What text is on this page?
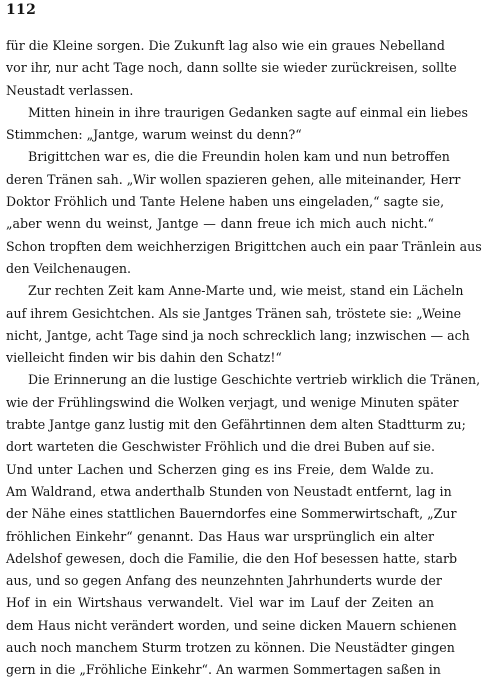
112
für die Kleine sorgen. Die Zukunft lag also wie ein graues Nebelland
vor ihr, nur acht Tage noch, dann sollte sie wieder zurückreisen, sollte
Neustadt verlassen.
Mitten hinein in ihre traurigen Gedanken sagte auf einmal ein liebes
Stimmchen: „Jantge, warum weinst du denn?“
Brigittchen war es, die die Freundin holen kam und nun betroffen
deren Tränen sah. „Wir wollen spazieren gehen, alle miteinander, Herr
Doktor Fröhlich und Tante Helene haben uns eingeladen,“ sagte sie,
„aber wenn du weinst, Jantge — dann freue ich mich auch nicht.“
Schon tropften dem weichherzigen Brigittchen auch ein paar Tränlein aus
den Veilchenaugen.
Zur rechten Zeit kam Anne-Marte und, wie meist, stand ein Lächeln
auf ihrem Gesichtchen. Als sie Jantges Tränen sah, tröstete sie: „Weine
nicht, Jantge, acht Tage sind ja noch schrecklich lang; inzwischen — ach
vielleicht finden wir bis dahin den Schatz!“
Die Erinnerung an die lustige Geschichte vertrieb wirklich die Tränen,
wie der Frühlingswind die Wolken verjagt, und wenige Minuten später
trabte Jantge ganz lustig mit den Gefährtinnen dem alten Stadtturm zu;
dort warteten die Geschwister Fröhlich und die drei Buben auf sie.
Und unter Lachen und Scherzen ging es ins Freie, dem Walde zu.
Am Waldrand, etwa anderthalb Stunden von Neustadt entfernt, lag in
der Nähe eines stattlichen Bauerndorfes eine Sommerwirtschaft, „Zur
fröhlichen Einkehr“ genannt. Das Haus war ursprünglich ein alter
Adelshof gewesen, doch die Familie, die den Hof besessen hatte, starb
aus, und so gegen Anfang des neunzehnten Jahrhunderts wurde der
Hof in ein Wirtshaus verwandelt. Viel war im Lauf der Zeiten an
dem Haus nicht verändert worden, und seine dicken Mauern schienen
auch noch manchem Sturm trotzen zu können. Die Neustädter gingen
gern in die „Fröhliche Einkehr“. An warmen Sommertagen saßen in
